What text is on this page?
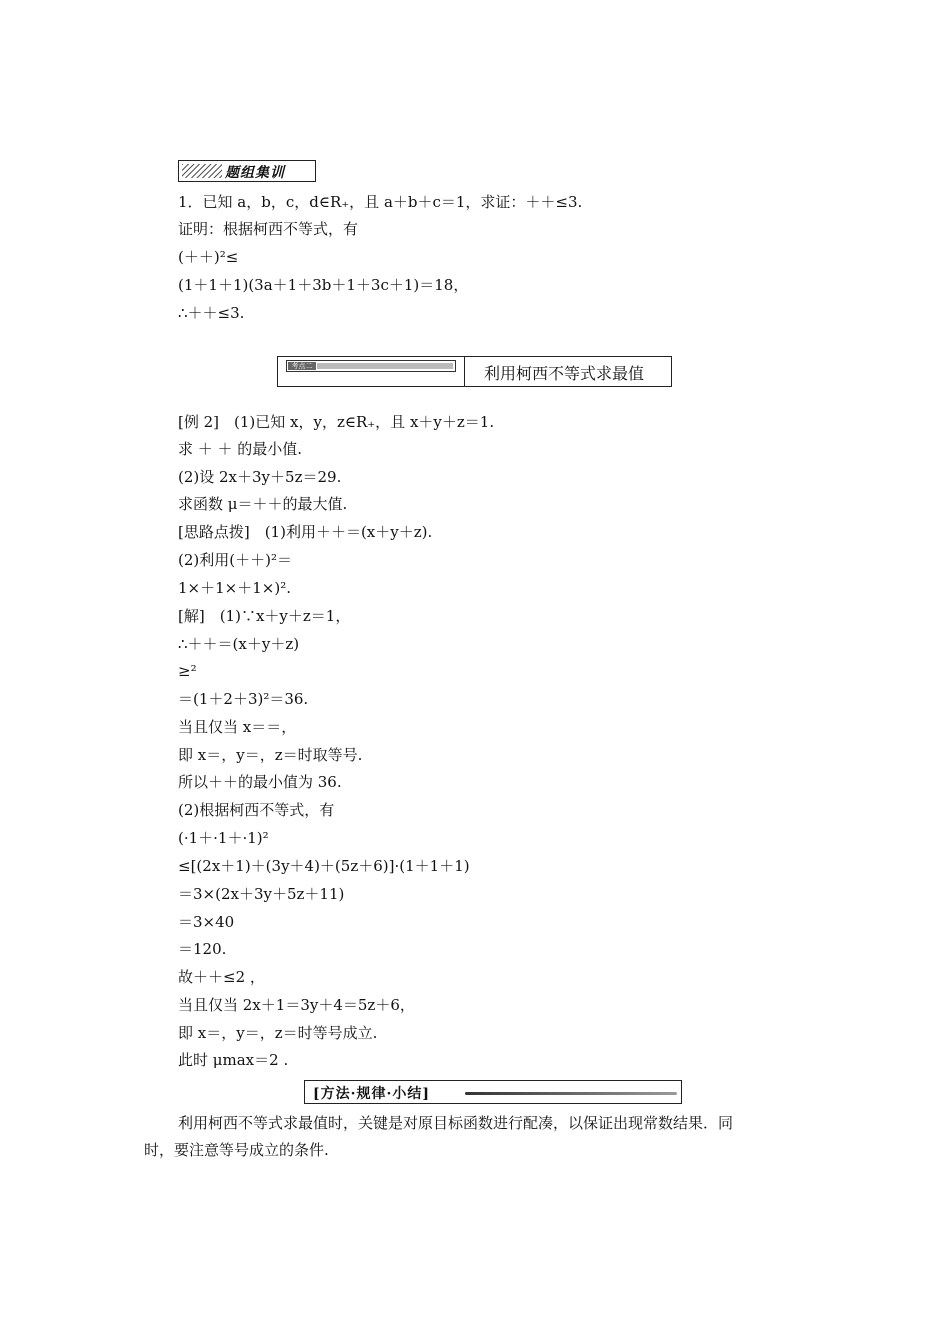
题组集训
1．已知 a，b，c，d∈R₊，且 a＋b＋c＝1，求证：＋＋≤3.
证明：根据柯西不等式，有
(＋＋)²≤
(1＋1＋1)(3a＋1＋3b＋1＋3c＋1)＝18，
∴＋＋≤3.
考点二	利用柯西不等式求最值
[例 2]　(1)已知 x，y，z∈R₊，且 x＋y＋z＝1.
求 ＋ ＋ 的最小值.
(2)设 2x＋3y＋5z＝29.
求函数 μ＝＋＋的最大值.
[思路点拨]　(1)利用＋＋＝(x＋y＋z).
(2)利用(＋＋)²＝
1×＋1×＋1×)².
[解]　(1)∵x＋y＋z＝1，
∴＋＋＝(x＋y＋z)
≥²
＝(1＋2＋3)²＝36.
当且仅当 x＝＝，
即 x＝，y＝，z＝时取等号.
所以＋＋的最小值为 36.
(2)根据柯西不等式，有
(·1＋·1＋·1)²
≤[(2x＋1)＋(3y＋4)＋(5z＋6)]·(1＋1＋1)
＝3×(2x＋3y＋5z＋11)
＝3×40
＝120.
故＋＋≤2 ，
当且仅当 2x＋1＝3y＋4＝5z＋6，
即 x＝，y＝，z＝时等号成立.
此时 μmax＝2 .
[方法·规律·小结]
利用柯西不等式求最值时，关键是对原目标函数进行配凑，以保证出现常数结果．同
时，要注意等号成立的条件.
